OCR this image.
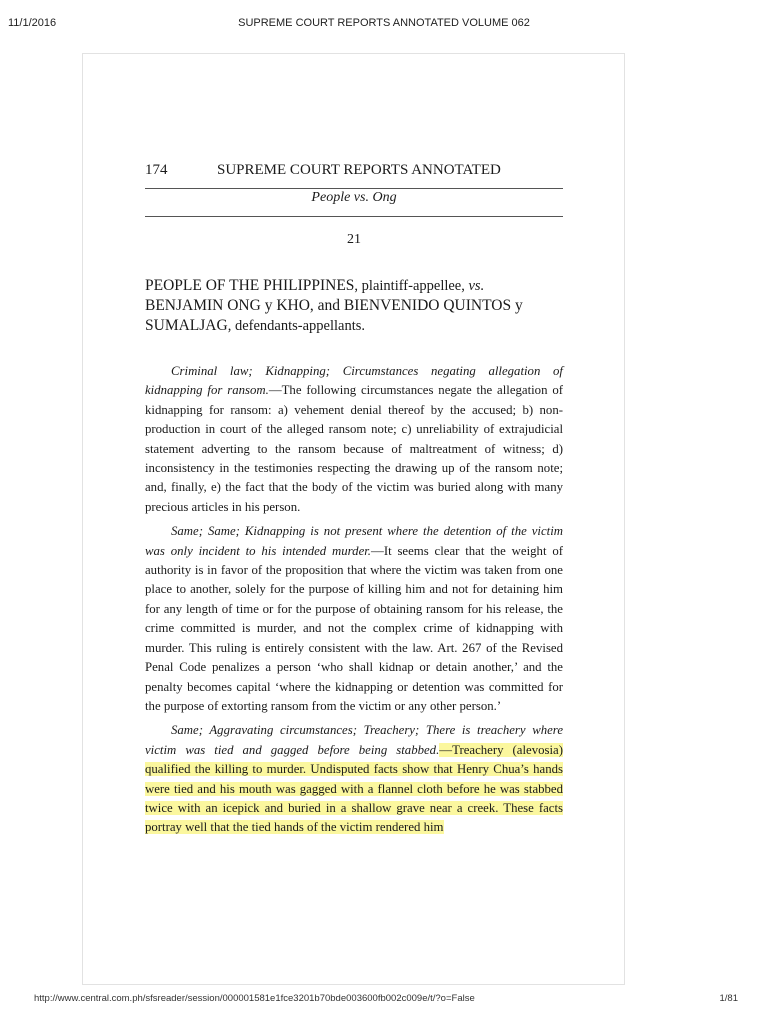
11/1/2016	SUPREME COURT REPORTS ANNOTATED VOLUME 062
174	SUPREME COURT REPORTS ANNOTATED
People vs. Ong
21
PEOPLE OF THE PHILIPPINES, plaintiff-appellee, vs. BENJAMIN ONG y KHO, and BIENVENIDO QUINTOS y SUMALJAG, defendants-appellants.

Criminal law; Kidnapping; Circumstances negating allegation of kidnapping for ransom.—The following circumstances negate the allegation of kidnapping for ransom: a) vehement denial thereof by the accused; b) non-production in court of the alleged ransom note; c) unreliability of extrajudicial statement adverting to the ransom because of maltreatment of witness; d) inconsistency in the testimonies respecting the drawing up of the ransom note; and, finally, e) the fact that the body of the victim was buried along with many precious articles in his person.

Same; Same; Kidnapping is not present where the detention of the victim was only incident to his intended murder.—It seems clear that the weight of authority is in favor of the proposition that where the victim was taken from one place to another, solely for the purpose of killing him and not for detaining him for any length of time or for the purpose of obtaining ransom for his release, the crime committed is murder, and not the complex crime of kidnapping with murder. This ruling is entirely consistent with the law. Art. 267 of the Revised Penal Code penalizes a person ‘who shall kidnap or detain another,’ and the penalty becomes capital ‘where the kidnapping or detention was committed for the purpose of extorting ransom from the victim or any other person.’

Same; Aggravating circumstances; Treachery; There is treachery where victim was tied and gagged before being stabbed.—Treachery (alevosia) qualified the killing to murder. Undisputed facts show that Henry Chua’s hands were tied and his mouth was gagged with a flannel cloth before he was stabbed twice with an icepick and buried in a shallow grave near a creek. These facts portray well that the tied hands of the victim rendered him

http://www.central.com.ph/sfsreader/session/000001581e1fce3201b70bde003600fb002c009e/t/?o=False	1/81
